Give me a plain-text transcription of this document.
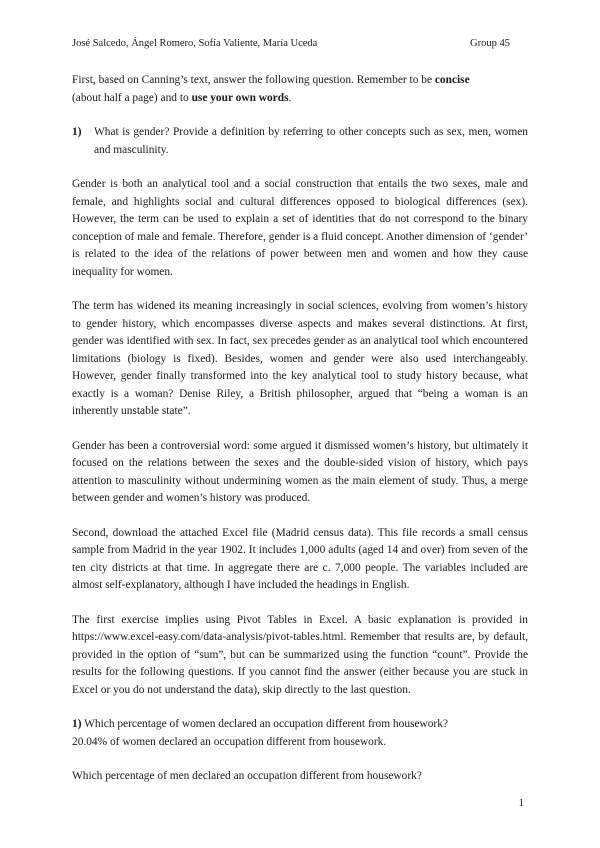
José Salcedo, Ángel Romero, Sofía Valiente, María Uceda	Group 45

First, based on Canning’s text, answer the following question. Remember to be concise
(about half a page) and to use your own words.

1)	What is gender? Provide a definition by referring to other concepts such as sex, men, women and masculinity.

Gender is both an analytical tool and a social construction that entails the two sexes, male and female, and highlights social and cultural differences opposed to biological differences (sex). However, the term can be used to explain a set of identities that do not correspond to the binary conception of male and female. Therefore, gender is a fluid concept. Another dimension of ‘gender’ is related to the idea of the relations of power between men and women and how they cause inequality for women.

The term has widened its meaning increasingly in social sciences, evolving from women’s history to gender history, which encompasses diverse aspects and makes several distinctions. At first, gender was identified with sex. In fact, sex precedes gender as an analytical tool which encountered limitations (biology is fixed). Besides, women and gender were also used interchangeably. However, gender finally transformed into the key analytical tool to study history because, what exactly is a woman? Denise Riley, a British philosopher, argued that “being a woman is an inherently unstable state”.

Gender has been a controversial word: some argued it dismissed women’s history, but ultimately it focused on the relations between the sexes and the double-sided vision of history, which pays attention to masculinity without undermining women as the main element of study. Thus, a merge between gender and women’s history was produced.

Second, download the attached Excel file (Madrid census data). This file records a small census sample from Madrid in the year 1902. It includes 1,000 adults (aged 14 and over) from seven of the ten city districts at that time. In aggregate there are c. 7,000 people. The variables included are almost self-explanatory, although I have included the headings in English.

The first exercise implies using Pivot Tables in Excel. A basic explanation is provided in https://www.excel-easy.com/data-analysis/pivot-tables.html. Remember that results are, by default, provided in the option of “sum”, but can be summarized using the function “count”. Provide the results for the following questions. If you cannot find the answer (either because you are stuck in Excel or you do not understand the data), skip directly to the last question.

1) Which percentage of women declared an occupation different from housework?

20.04% of women declared an occupation different from housework.

Which percentage of men declared an occupation different from housework?

1
